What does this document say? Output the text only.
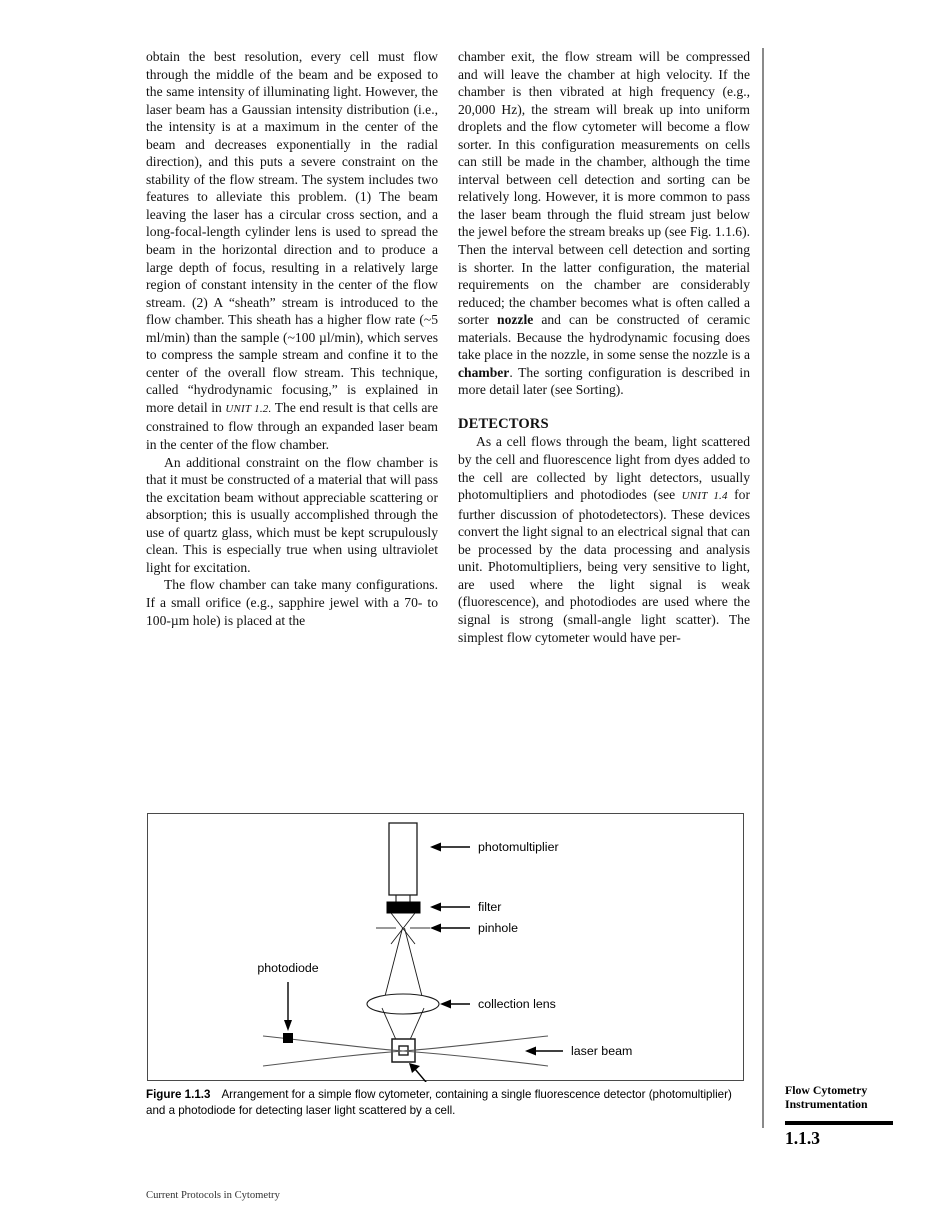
obtain the best resolution, every cell must flow through the middle of the beam and be exposed to the same intensity of illuminating light. However, the laser beam has a Gaussian intensity distribution (i.e., the intensity is at a maximum in the center of the beam and decreases exponentially in the radial direction), and this puts a severe constraint on the stability of the flow stream. The system includes two features to alleviate this problem. (1) The beam leaving the laser has a circular cross section, and a long-focal-length cylinder lens is used to spread the beam in the horizontal direction and to produce a large depth of focus, resulting in a relatively large region of constant intensity in the center of the flow stream. (2) A “sheath” stream is introduced to the flow chamber. This sheath has a higher flow rate (~5 ml/min) than the sample (~100 µl/min), which serves to compress the sample stream and confine it to the center of the overall flow stream. This technique, called “hydrodynamic focusing,” is explained in more detail in UNIT 1.2. The end result is that cells are constrained to flow through an expanded laser beam in the center of the flow chamber.

An additional constraint on the flow chamber is that it must be constructed of a material that will pass the excitation beam without appreciable scattering or absorption; this is usually accomplished through the use of quartz glass, which must be kept scrupulously clean. This is especially true when using ultraviolet light for excitation.

The flow chamber can take many configurations. If a small orifice (e.g., sapphire jewel with a 70- to 100-µm hole) is placed at the

chamber exit, the flow stream will be compressed and will leave the chamber at high velocity. If the chamber is then vibrated at high frequency (e.g., 20,000 Hz), the stream will break up into uniform droplets and the flow cytometer will become a flow sorter. In this configuration measurements on cells can still be made in the chamber, although the time interval between cell detection and sorting can be relatively long. However, it is more common to pass the laser beam through the fluid stream just below the jewel before the stream breaks up (see Fig. 1.1.6). Then the interval between cell detection and sorting is shorter. In the latter configuration, the material requirements on the chamber are considerably reduced; the chamber becomes what is often called a sorter nozzle and can be constructed of ceramic materials. Because the hydrodynamic focusing does take place in the nozzle, in some sense the nozzle is a chamber. The sorting configuration is described in more detail later (see Sorting).

DETECTORS

As a cell flows through the beam, light scattered by the cell and fluorescence light from dyes added to the cell are collected by light detectors, usually photomultipliers and photodiodes (see UNIT 1.4 for further discussion of photodetectors). These devices convert the light signal to an electrical signal that can be processed by the data processing and analysis unit. Photomultipliers, being very sensitive to light, are used where the light signal is weak (fluorescence), and photodiodes are used where the signal is strong (small-angle light scatter). The simplest flow cytometer would have per-

photodiode
photomultiplier
filter
pinhole
collection lens
laser beam
Figure 1.1.3 Arrangement for a simple flow cytometer, containing a single fluorescence detector (photomultiplier) and a photodiode for detecting laser light scattered by a cell.
Flow Cytometry
Instrumentation
1.1.3
Current Protocols in Cytometry
